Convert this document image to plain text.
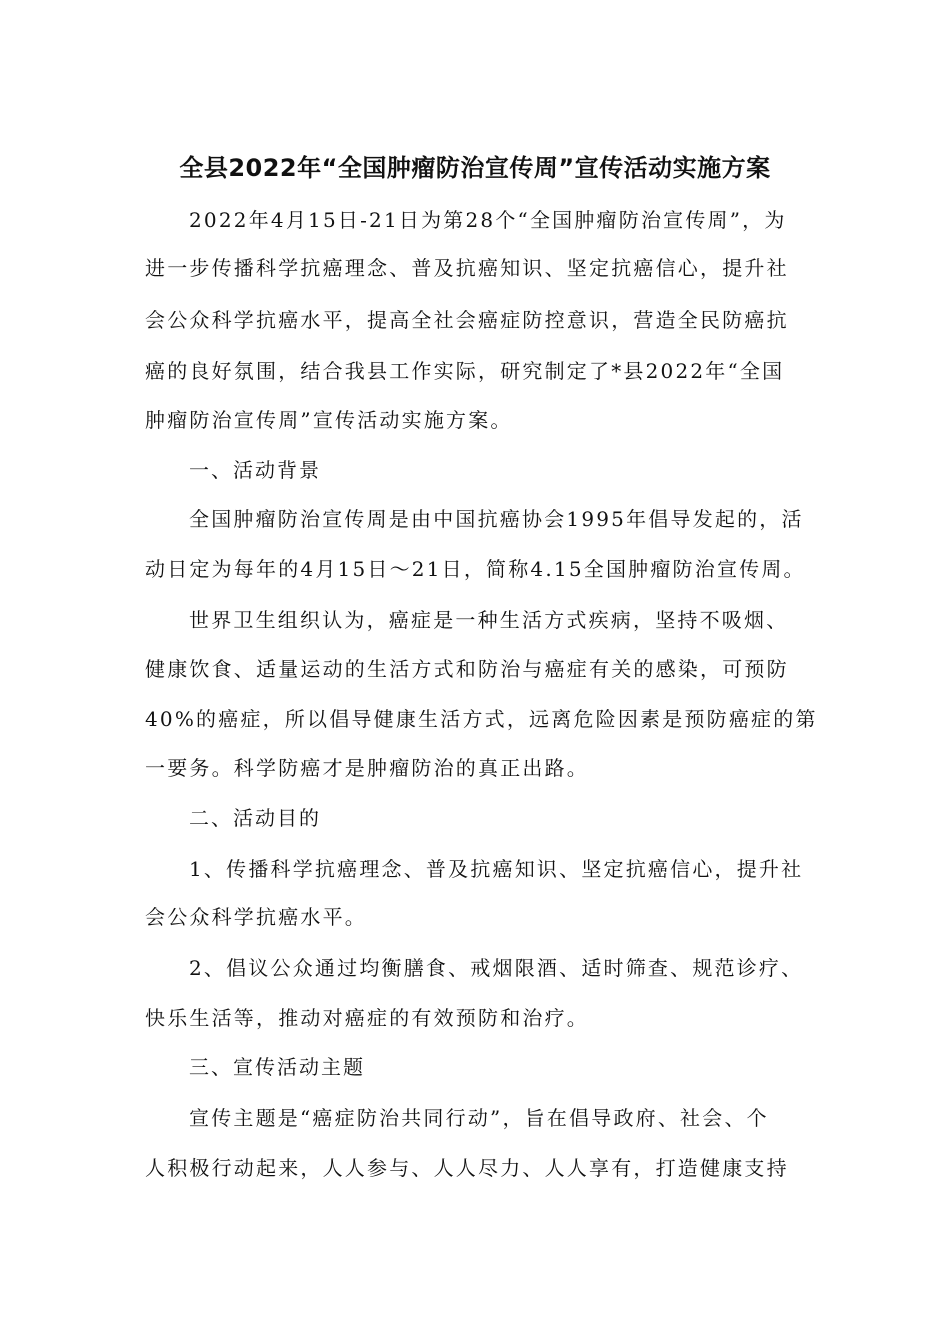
全县2022年“全国肿瘤防治宣传周”宣传活动实施方案
2022年4月15日-21日为第28个“全国肿瘤防治宣传周”，为
进一步传播科学抗癌理念、普及抗癌知识、坚定抗癌信心，提升社
会公众科学抗癌水平，提高全社会癌症防控意识，营造全民防癌抗
癌的良好氛围，结合我县工作实际，研究制定了*县2022年“全国
肿瘤防治宣传周”宣传活动实施方案。
一、活动背景
全国肿瘤防治宣传周是由中国抗癌协会1995年倡导发起的，活
动日定为每年的4月15日～21日，简称4.15全国肿瘤防治宣传周。
世界卫生组织认为，癌症是一种生活方式疾病，坚持不吸烟、
健康饮食、适量运动的生活方式和防治与癌症有关的感染，可预防
40%的癌症，所以倡导健康生活方式，远离危险因素是预防癌症的第
一要务。科学防癌才是肿瘤防治的真正出路。
二、活动目的
1、传播科学抗癌理念、普及抗癌知识、坚定抗癌信心，提升社
会公众科学抗癌水平。
2、倡议公众通过均衡膳食、戒烟限酒、适时筛查、规范诊疗、
快乐生活等，推动对癌症的有效预防和治疗。
三、宣传活动主题
宣传主题是“癌症防治共同行动”，旨在倡导政府、社会、个
人积极行动起来，人人参与、人人尽力、人人享有，打造健康支持
